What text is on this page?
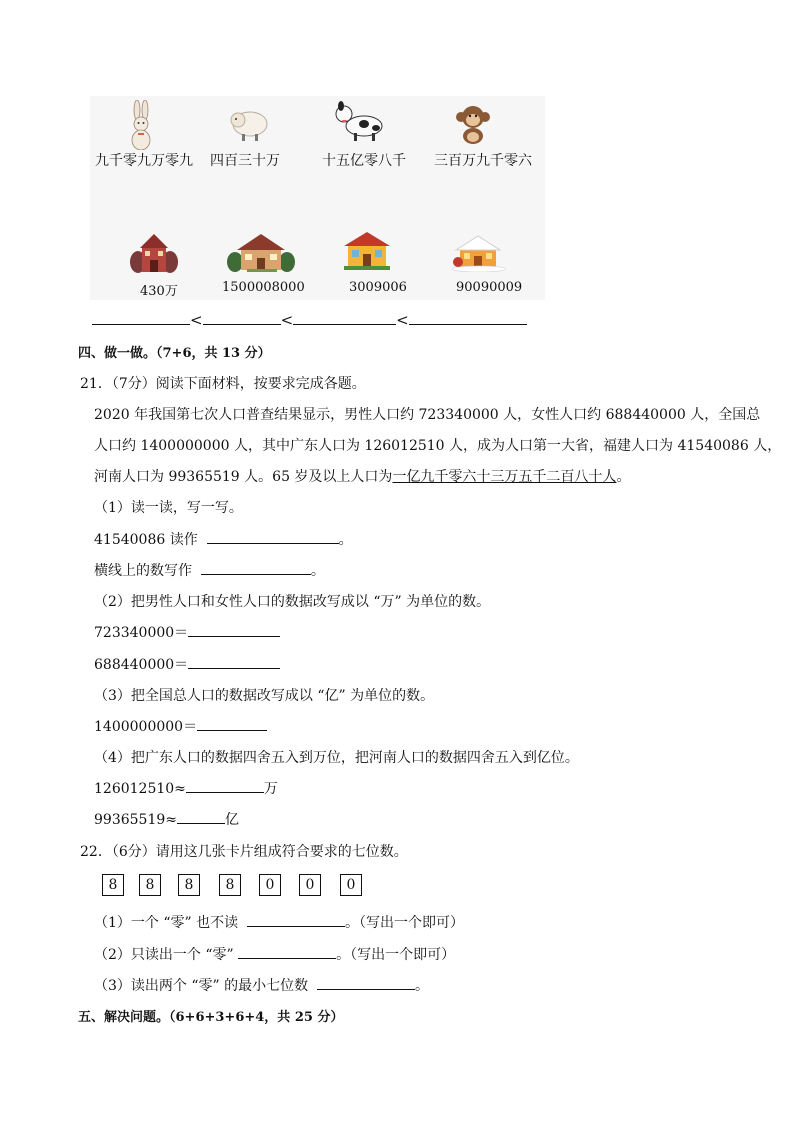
九千零九万零九 四百三十万	十五亿零八千 三百万九千零六
430万	1500008000	3009006	90090009
<	<	<
四、做一做。（7+6，共 13 分）
21．（7分）阅读下面材料，按要求完成各题。
2020 年我国第七次人口普查结果显示，男性人口约 723340000 人，女性人口约 688440000 人，全国总
人口约 1400000000 人，其中广东人口为 126012510 人，成为人口第一大省，福建人口为 41540086 人，
河南人口为 99365519 人。65 岁及以上人口为一亿九千零六十三万五千二百八十人。
（1）读一读，写一写。
41540086 读作	。
横线上的数写作	。
（2）把男性人口和女性人口的数据改写成以 “万” 为单位的数。
723340000＝
688440000＝
（3）把全国总人口的数据改写成以 “亿” 为单位的数。
1400000000＝
（4）把广东人口的数据四舍五入到万位，把河南人口的数据四舍五入到亿位。
126012510≈	万
99365519≈	亿
22．（6分）请用这几张卡片组成符合要求的七位数。
8	8	8	8	0	0	0
（1）一个 “零” 也不读	。（写出一个即可）
（2）只读出一个 “零”	。（写出一个即可）
（3）读出两个 “零” 的最小七位数	。
五、解决问题。（6+6+3+6+4，共 25 分）
